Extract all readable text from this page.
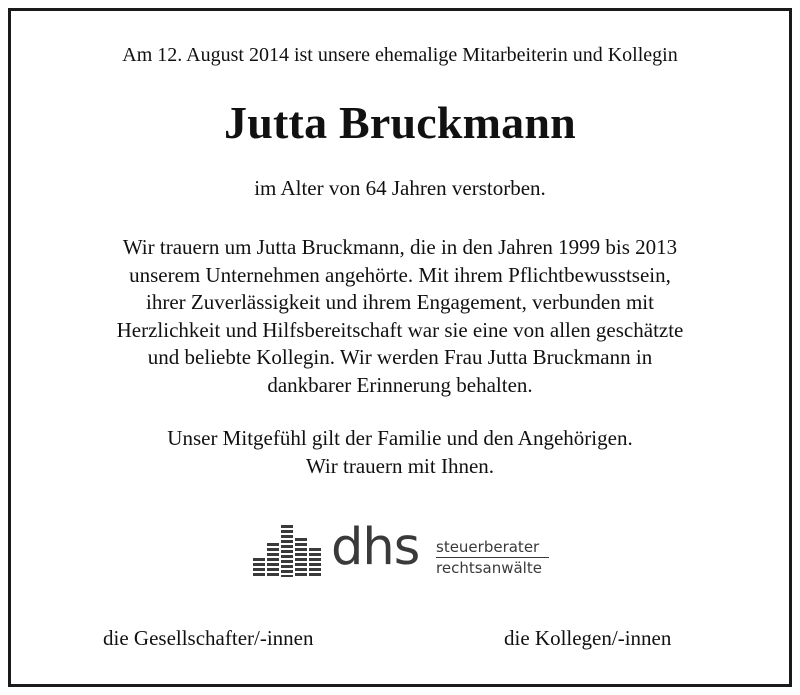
Am 12. August 2014 ist unsere ehemalige Mitarbeiterin und Kollegin
Jutta Bruckmann
im Alter von 64 Jahren verstorben.
Wir trauern um Jutta Bruckmann, die in den Jahren 1999 bis 2013
unserem Unternehmen angehörte. Mit ihrem Pflichtbewusstsein,
ihrer Zuverlässigkeit und ihrem Engagement, verbunden mit
Herzlichkeit und Hilfsbereitschaft war sie eine von allen geschätzte
und beliebte Kollegin. Wir werden Frau Jutta Bruckmann in
dankbarer Erinnerung behalten.
Unser Mitgefühl gilt der Familie und den Angehörigen.
Wir trauern mit Ihnen.
dhs steuerberater
rechtsanwälte
die Gesellschafter/-innen	die Kollegen/-innen
